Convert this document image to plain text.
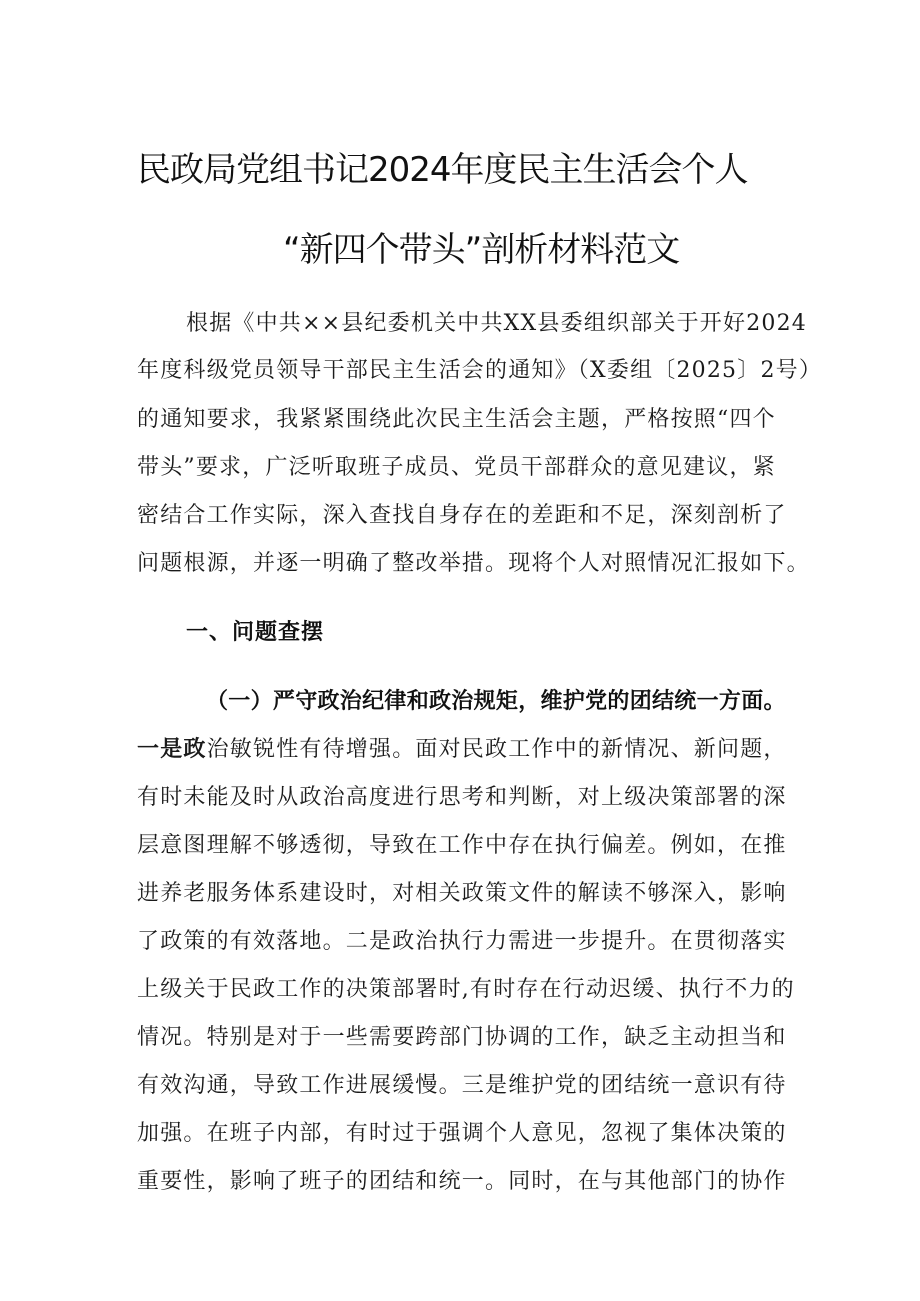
民政局党组书记2024年度民主生活会个人
“新四个带头”剖析材料范文
根据《中共××县纪委机关中共XX县委组织部关于开好2024
年度科级党员领导干部民主生活会的通知》（X委组〔2025〕2号）
的通知要求，我紧紧围绕此次民主生活会主题，严格按照“四个
带头”要求，广泛听取班子成员、党员干部群众的意见建议，紧
密结合工作实际，深入查找自身存在的差距和不足，深刻剖析了
问题根源，并逐一明确了整改举措。现将个人对照情况汇报如下。
一、问题查摆
（一）严守政治纪律和政治规矩，维护党的团结统一方面。
一是政治敏锐性有待增强。面对民政工作中的新情况、新问题，
有时未能及时从政治高度进行思考和判断，对上级决策部署的深
层意图理解不够透彻，导致在工作中存在执行偏差。例如，在推
进养老服务体系建设时，对相关政策文件的解读不够深入，影响
了政策的有效落地。二是政治执行力需进一步提升。在贯彻落实
上级关于民政工作的决策部署时,有时存在行动迟缓、执行不力的
情况。特别是对于一些需要跨部门协调的工作，缺乏主动担当和
有效沟通，导致工作进展缓慢。三是维护党的团结统一意识有待
加强。在班子内部，有时过于强调个人意见，忽视了集体决策的
重要性，影响了班子的团结和统一。同时，在与其他部门的协作
